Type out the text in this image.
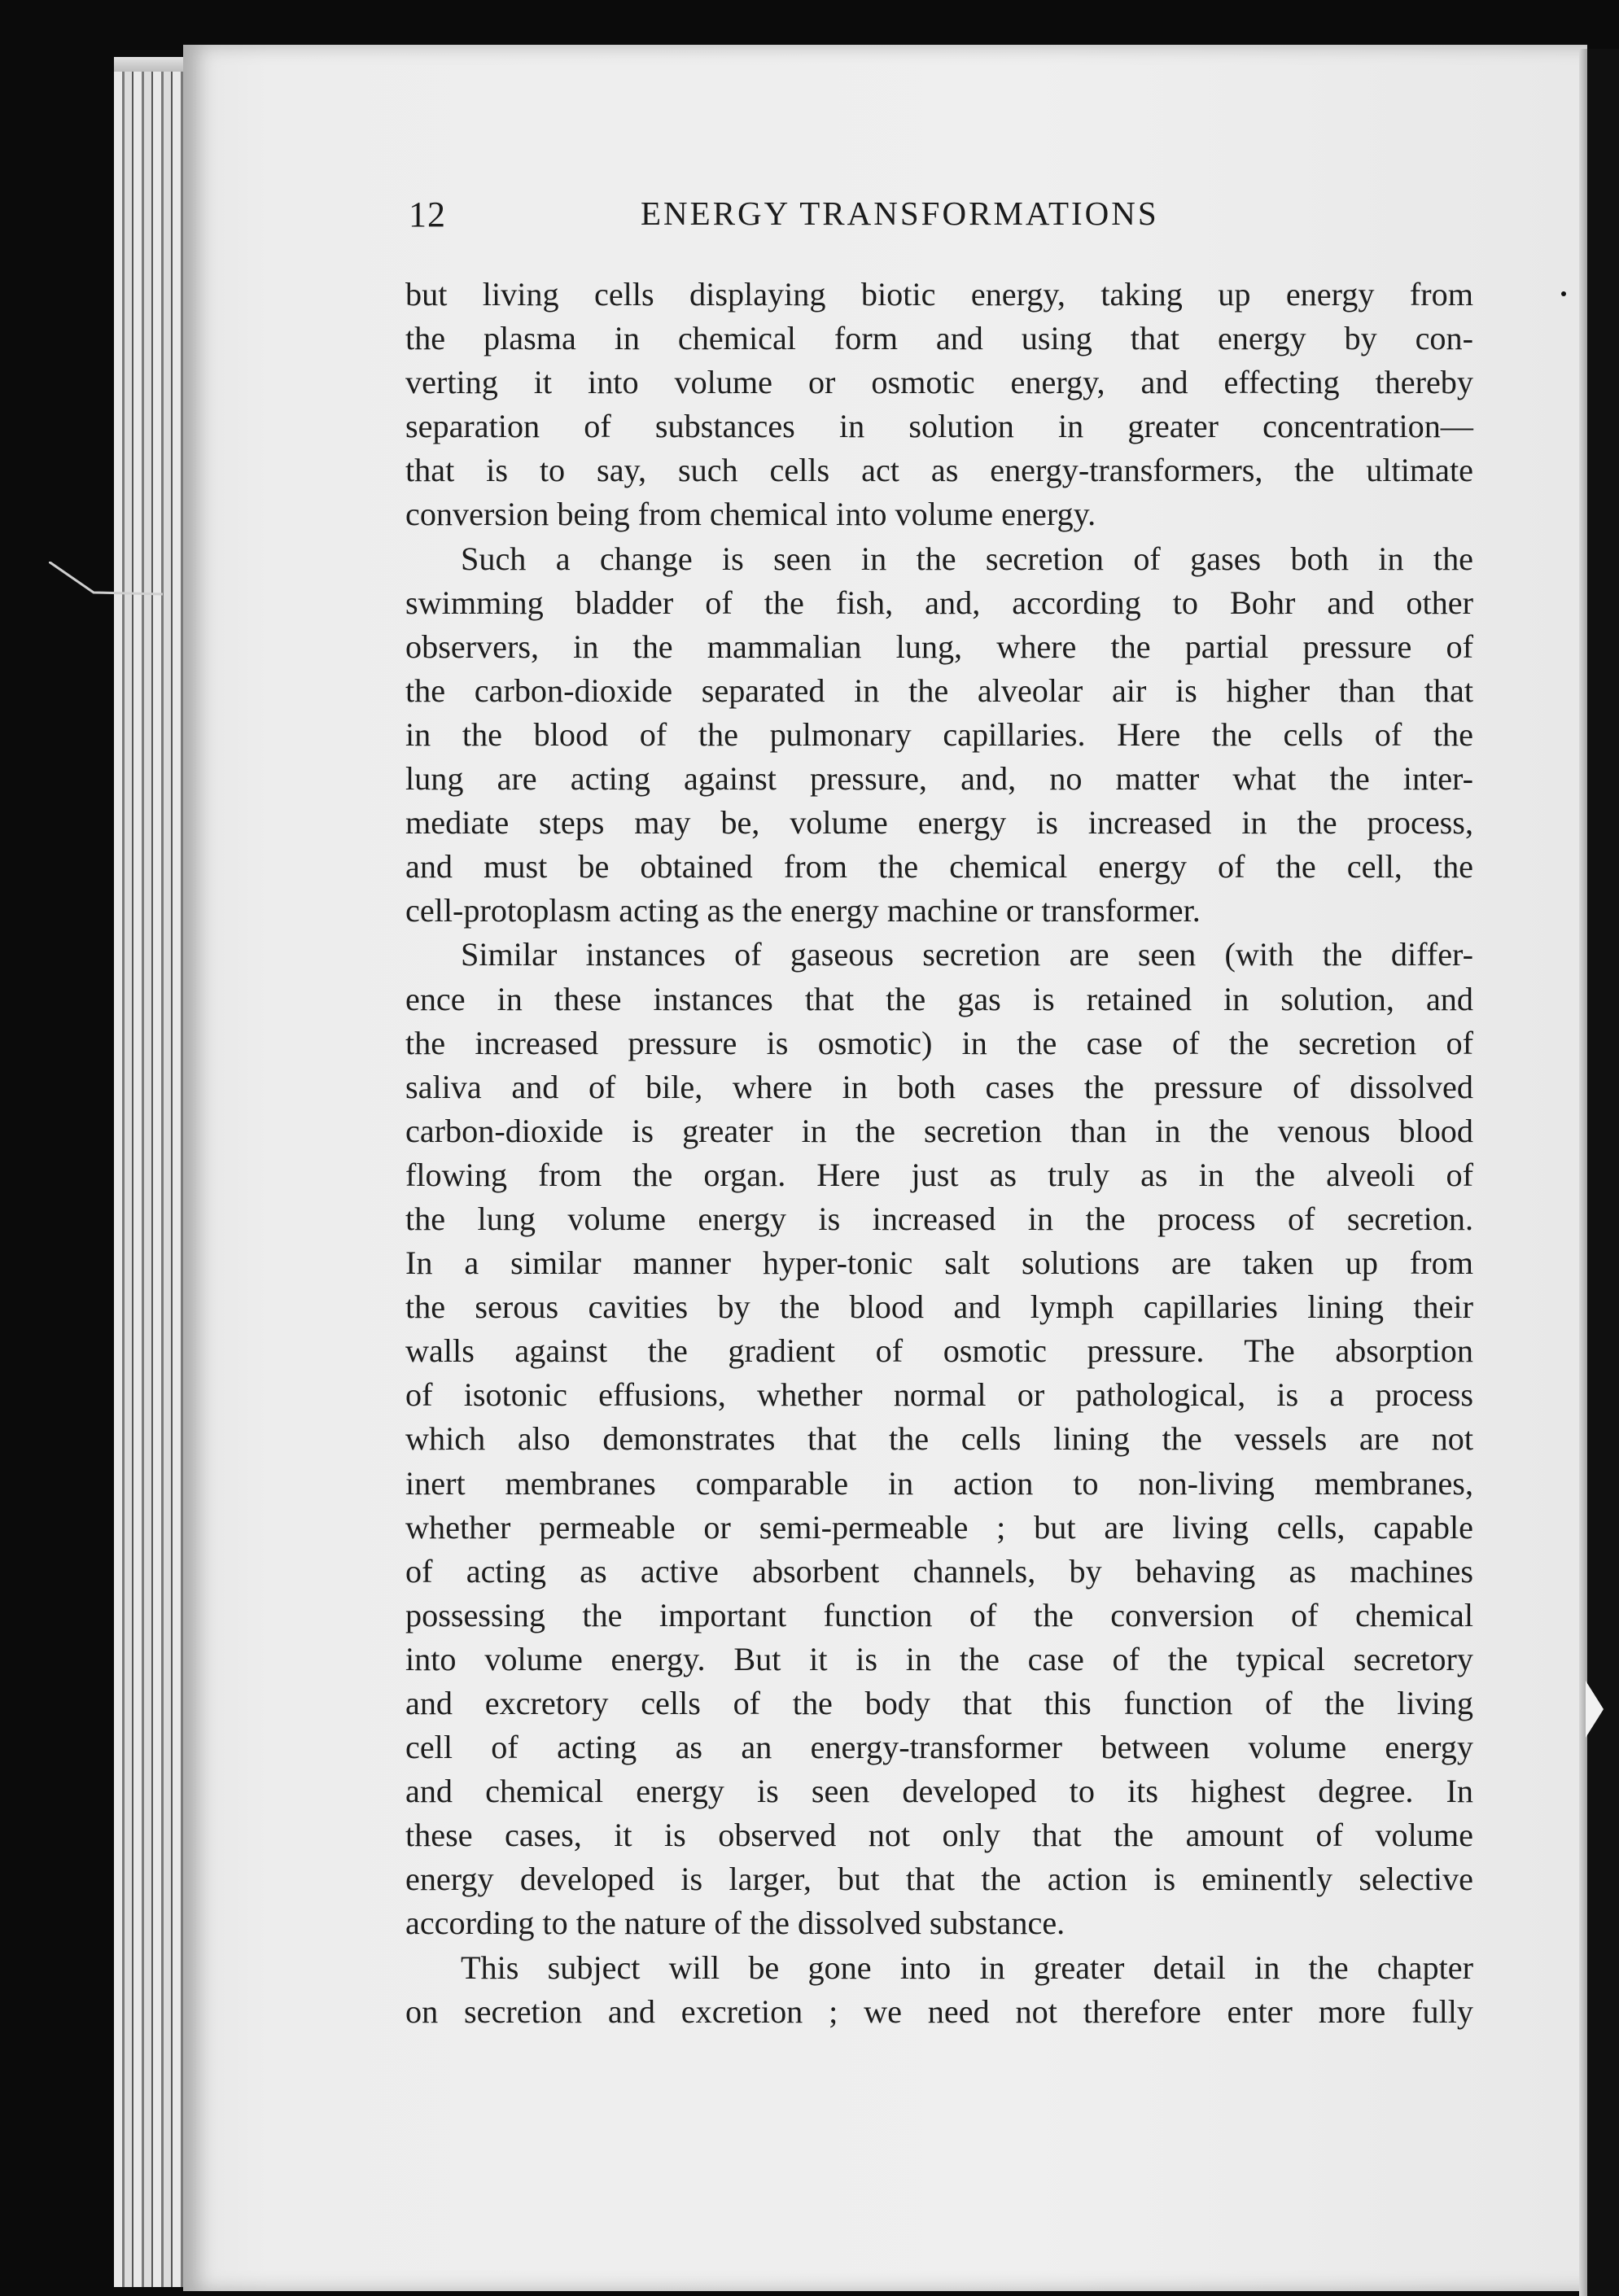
12	ENERGY TRANSFORMATIONS
but living cells displaying biotic energy, taking up energy from
the plasma in chemical form and using that energy by con-
verting it into volume or osmotic energy, and effecting thereby
separation of substances in solution in greater concentration—
that is to say, such cells act as energy-transformers, the ultimate
conversion being from chemical into volume energy.
Such a change is seen in the secretion of gases both in the
swimming bladder of the fish, and, according to Bohr and other
observers, in the mammalian lung, where the partial pressure of
the carbon-dioxide separated in the alveolar air is higher than that
in the blood of the pulmonary capillaries. Here the cells of the
lung are acting against pressure, and, no matter what the inter-
mediate steps may be, volume energy is increased in the process,
and must be obtained from the chemical energy of the cell, the
cell-protoplasm acting as the energy machine or transformer.
Similar instances of gaseous secretion are seen (with the differ-
ence in these instances that the gas is retained in solution, and
the increased pressure is osmotic) in the case of the secretion of
saliva and of bile, where in both cases the pressure of dissolved
carbon-dioxide is greater in the secretion than in the venous blood
flowing from the organ. Here just as truly as in the alveoli of
the lung volume energy is increased in the process of secretion.
In a similar manner hyper-tonic salt solutions are taken up from
the serous cavities by the blood and lymph capillaries lining their
walls against the gradient of osmotic pressure. The absorption
of isotonic effusions, whether normal or pathological, is a process
which also demonstrates that the cells lining the vessels are not
inert membranes comparable in action to non-living membranes,
whether permeable or semi-permeable ; but are living cells, capable
of acting as active absorbent channels, by behaving as machines
possessing the important function of the conversion of chemical
into volume energy. But it is in the case of the typical secretory
and excretory cells of the body that this function of the living
cell of acting as an energy-transformer between volume energy
and chemical energy is seen developed to its highest degree. In
these cases, it is observed not only that the amount of volume
energy developed is larger, but that the action is eminently selective
according to the nature of the dissolved substance.
This subject will be gone into in greater detail in the chapter
on secretion and excretion ; we need not therefore enter more fully
